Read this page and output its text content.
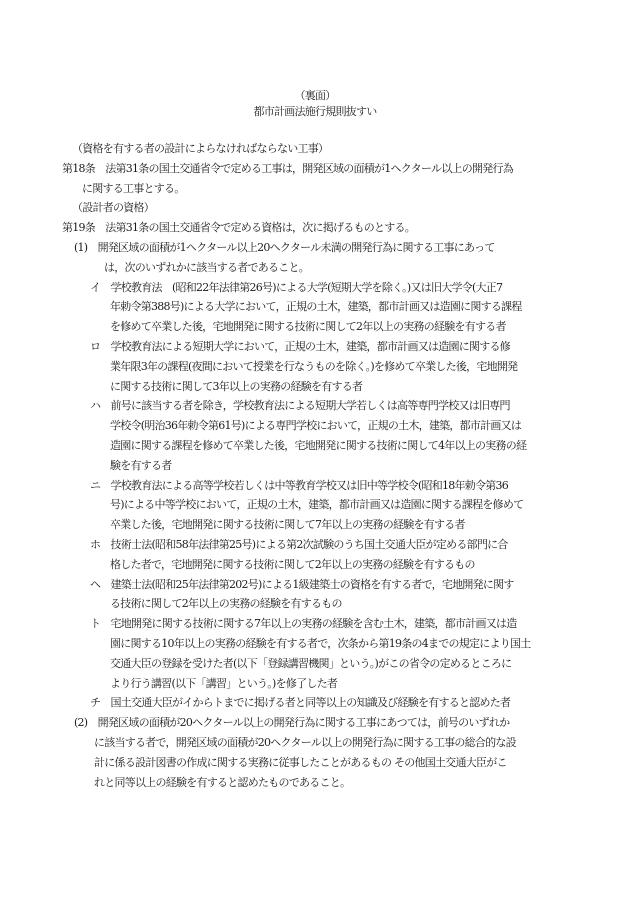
（裏面）
都市計画法施行規則抜すい
（資格を有する者の設計によらなければならない工事）
第18条　法第31条の国土交通省令で定める工事は，開発区域の面積が1ヘクタール以上の開発行為
に関する工事とする。
（設計者の資格）
第19条　法第31条の国土交通省令で定める資格は，次に掲げるものとする。
(1)　開発区域の面積が1ヘクタール以上20ヘクタール未満の開発行為に関する工事にあって
は，次のいずれかに該当する者であること。
イ　学校教育法　(昭和22年法律第26号)による大学(短期大学を除く。)又は旧大学令(大正7
年勅令第388号)による大学において，正規の土木，建築，都市計画又は造園に関する課程
を修めて卒業した後，宅地開発に関する技術に関して2年以上の実務の経験を有する者
ロ　学校教育法による短期大学において，正規の土木，建築，都市計画又は造園に関する修
業年限3年の課程(夜間において授業を行なうものを除く。)を修めて卒業した後，宅地開発
に関する技術に関して3年以上の実務の経験を有する者
ハ　前号に該当する者を除き，学校教育法による短期大学若しくは高等専門学校又は旧専門
学校令(明治36年勅令第61号)による専門学校において，正規の土木，建築，都市計画又は
造園に関する課程を修めて卒業した後，宅地開発に関する技術に関して4年以上の実務の経
験を有する者
ニ　学校教育法による高等学校若しくは中等教育学校又は旧中等学校令(昭和18年勅令第36
号)による中等学校において，正規の土木，建築，都市計画又は造園に関する課程を修めて
卒業した後，宅地開発に関する技術に関して7年以上の実務の経験を有する者
ホ　技術士法(昭和58年法律第25号)による第2次試験のうち国土交通大臣が定める部門に合
格した者で，宅地開発に関する技術に関して2年以上の実務の経験を有するもの
ヘ　建築士法(昭和25年法律第202号)による1級建築士の資格を有する者で，宅地開発に関す
る技術に関して2年以上の実務の経験を有するもの
ト　宅地開発に関する技術に関する7年以上の実務の経験を含む土木，建築，都市計画又は造
園に関する10年以上の実務の経験を有する者で，次条から第19条の4までの規定により国土
交通大臣の登録を受けた者(以下「登録講習機関」という。)がこの省令の定めるところに
より行う講習(以下「講習」という。)を修了した者
チ　国土交通大臣がイからトまでに掲げる者と同等以上の知識及び経験を有すると認めた者
(2)　開発区域の面積が20ヘクタール以上の開発行為に関する工事にあつては，前号のいずれか
に該当する者で，開発区域の面積が20ヘクタール以上の開発行為に関する工事の総合的な設
計に係る設計図書の作成に関する実務に従事したことがあるもの その他国土交通大臣がこ
れと同等以上の経験を有すると認めたものであること。
